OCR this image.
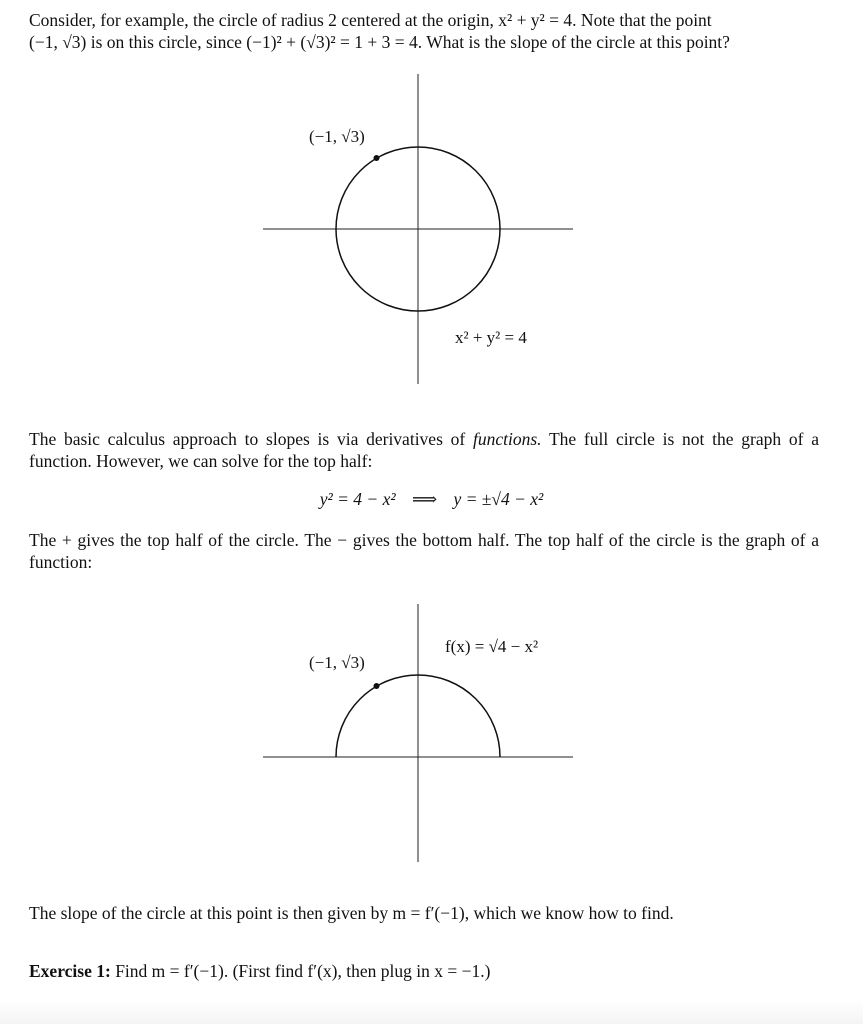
Consider, for example, the circle of radius 2 centered at the origin, x² + y² = 4. Note that the point
(−1, √3) is on this circle, since (−1)² + (√3)² = 1 + 3 = 4. What is the slope of the circle at this point?
(−1, √3)
x² + y² = 4
The basic calculus approach to slopes is via derivatives of functions. The full circle is not the graph of a function. However, we can solve for the top half:
y² = 4 − x² ⟹ y = ±√4 − x²
The + gives the top half of the circle. The − gives the bottom half. The top half of the circle is the graph of a function:
(−1, √3)
f(x) = √4 − x²
The slope of the circle at this point is then given by m = f′(−1), which we know how to find.
Exercise 1: Find m = f′(−1). (First find f′(x), then plug in x = −1.)
